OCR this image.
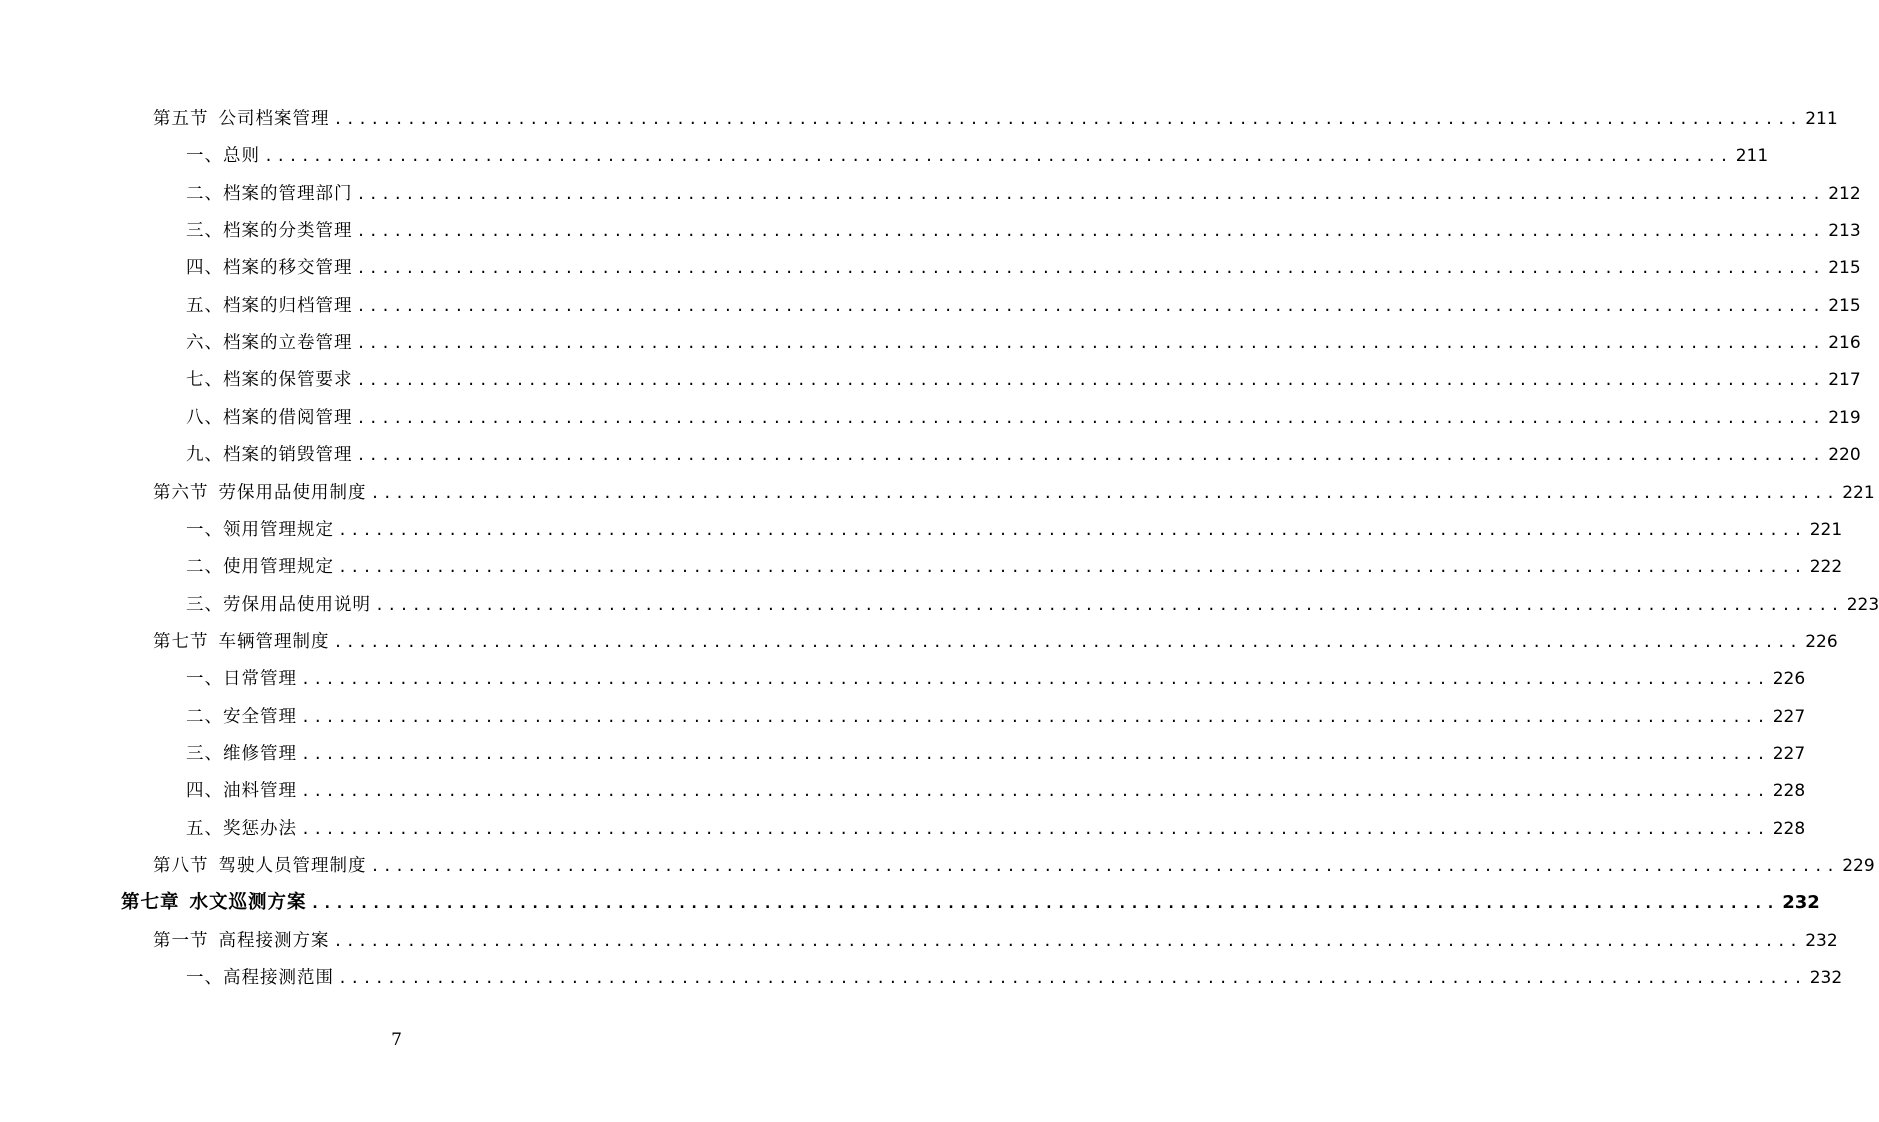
第五节 公司档案管理 ........................................................................................................................ 211
一、总则 ........................................................................................................................ 211
二、档案的管理部门 ........................................................................................................................ 212
三、档案的分类管理 ........................................................................................................................ 213
四、档案的移交管理 ........................................................................................................................ 215
五、档案的归档管理 ........................................................................................................................ 215
六、档案的立卷管理 ........................................................................................................................ 216
七、档案的保管要求 ........................................................................................................................ 217
八、档案的借阅管理 ........................................................................................................................ 219
九、档案的销毁管理 ........................................................................................................................ 220
第六节 劳保用品使用制度 ........................................................................................................................ 221
一、领用管理规定 ........................................................................................................................ 221
二、使用管理规定 ........................................................................................................................ 222
三、劳保用品使用说明 ........................................................................................................................ 223
第七节 车辆管理制度 ........................................................................................................................ 226
一、日常管理 ........................................................................................................................ 226
二、安全管理 ........................................................................................................................ 227
三、维修管理 ........................................................................................................................ 227
四、油料管理 ........................................................................................................................ 228
五、奖惩办法 ........................................................................................................................ 228
第八节 驾驶人员管理制度 ........................................................................................................................ 229
第七章 水文巡测方案 ........................................................................................................................ 232
第一节 高程接测方案 ........................................................................................................................ 232
一、高程接测范围 ........................................................................................................................ 232
7
